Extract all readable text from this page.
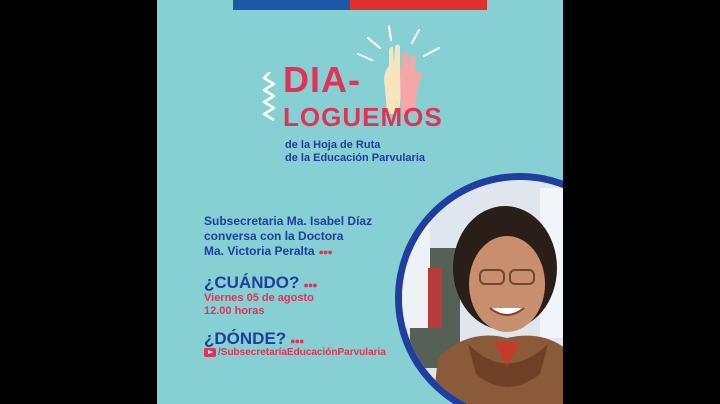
DIA-
LOGUEMOS
de la Hoja de Ruta
de la Educación Parvularia
Subsecretaria Ma. Isabel Díaz
conversa con la Doctora
Ma. Victoria Peralta ●●●
¿CUÁNDO? ●●●
Viernes 05 de agosto
12.00 horas
¿DÓNDE? ●●●
/SubsecretaríaEducaciónParvularia
